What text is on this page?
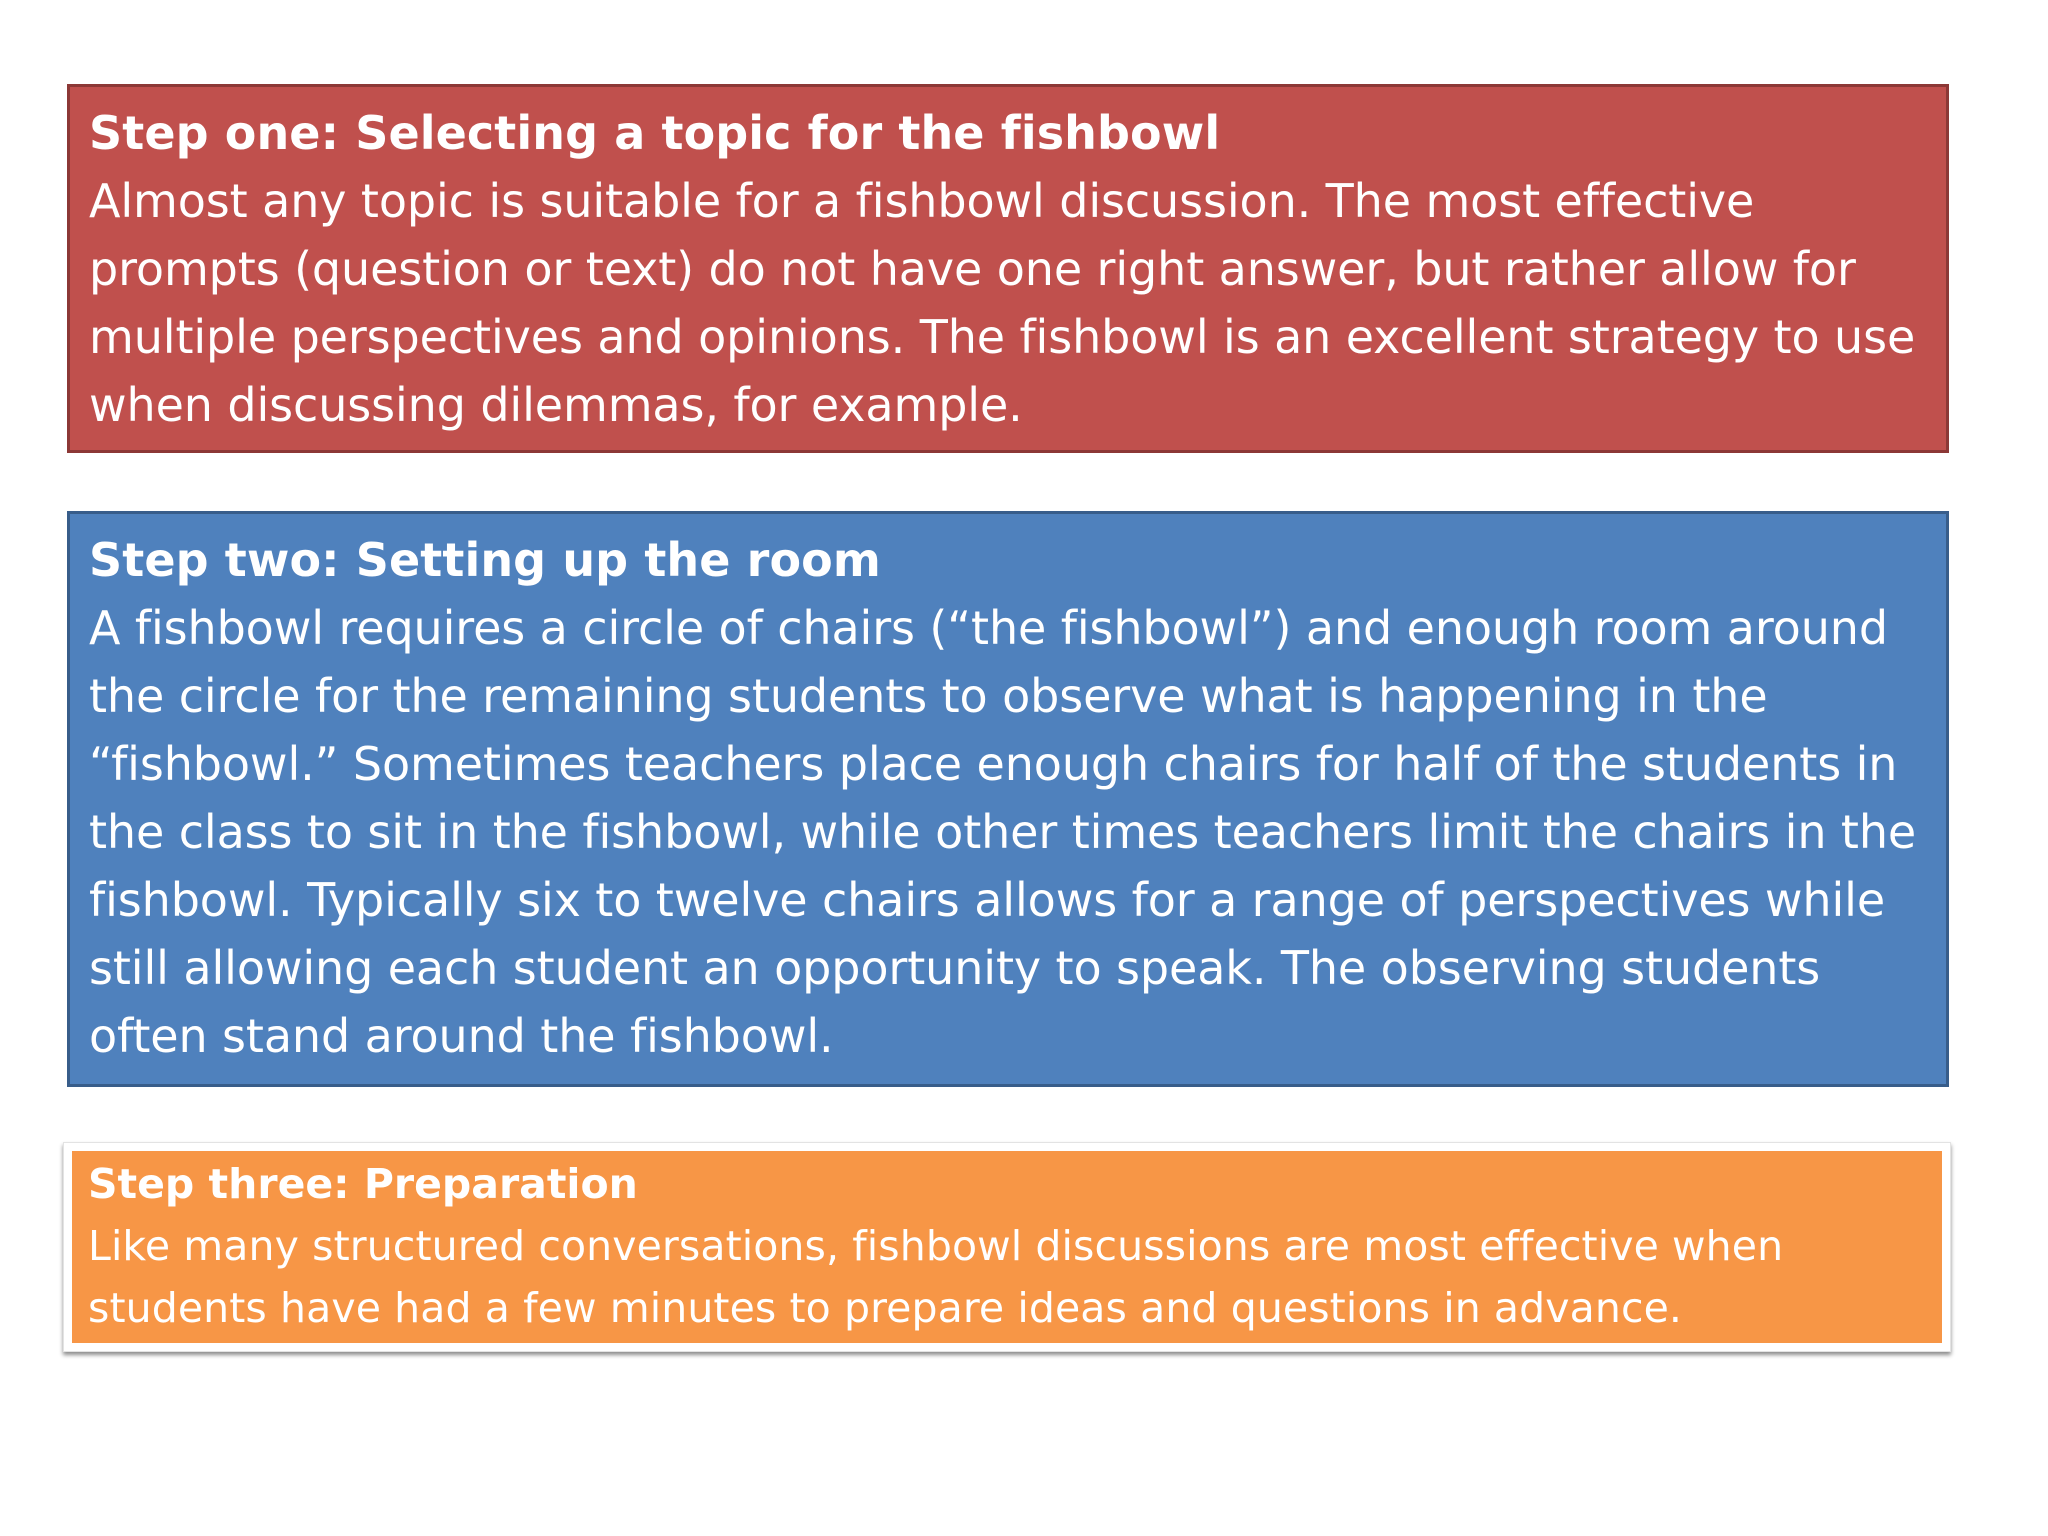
Step one: Selecting a topic for the fishbowl
Almost any topic is suitable for a fishbowl discussion. The most effective prompts (question or text) do not have one right answer, but rather allow for multiple perspectives and opinions. The fishbowl is an excellent strategy to use when discussing dilemmas, for example.
Step two: Setting up the room
A fishbowl requires a circle of chairs (“the fishbowl”) and enough room around the circle for the remaining students to observe what is happening in the “fishbowl.” Sometimes teachers place enough chairs for half of the students in the class to sit in the fishbowl, while other times teachers limit the chairs in the fishbowl. Typically six to twelve chairs allows for a range of perspectives while still allowing each student an opportunity to speak. The observing students often stand around the fishbowl.
Step three: Preparation
Like many structured conversations, fishbowl discussions are most effective when students have had a few minutes to prepare ideas and questions in advance.
